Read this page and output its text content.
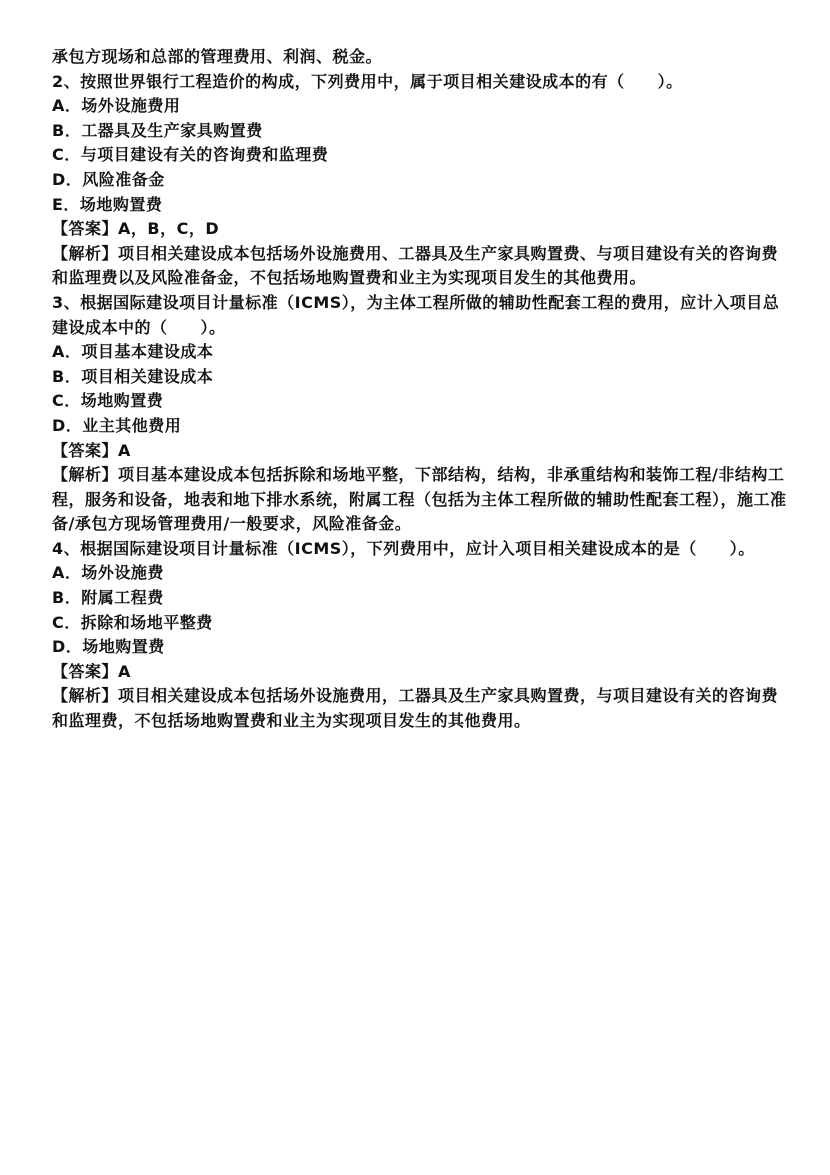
承包方现场和总部的管理费用、利润、税金。
2、按照世界银行工程造价的构成，下列费用中，属于项目相关建设成本的有（　　）。
A．场外设施费用
B．工器具及生产家具购置费
C．与项目建设有关的咨询费和监理费
D．风险准备金
E．场地购置费
【答案】A，B，C，D
【解析】项目相关建设成本包括场外设施费用、工器具及生产家具购置费、与项目建设有关的咨询费和监理费以及风险准备金，不包括场地购置费和业主为实现项目发生的其他费用。
3、根据国际建设项目计量标准（ICMS），为主体工程所做的辅助性配套工程的费用，应计入项目总建设成本中的（　　）。
A．项目基本建设成本
B．项目相关建设成本
C．场地购置费
D．业主其他费用
【答案】A
【解析】项目基本建设成本包括拆除和场地平整，下部结构，结构，非承重结构和装饰工程/非结构工程，服务和设备，地表和地下排水系统，附属工程（包括为主体工程所做的辅助性配套工程），施工准备/承包方现场管理费用/一般要求，风险准备金。
4、根据国际建设项目计量标准（ICMS），下列费用中，应计入项目相关建设成本的是（　　）。
A．场外设施费
B．附属工程费
C．拆除和场地平整费
D．场地购置费
【答案】A
【解析】项目相关建设成本包括场外设施费用，工器具及生产家具购置费，与项目建设有关的咨询费和监理费，不包括场地购置费和业主为实现项目发生的其他费用。
